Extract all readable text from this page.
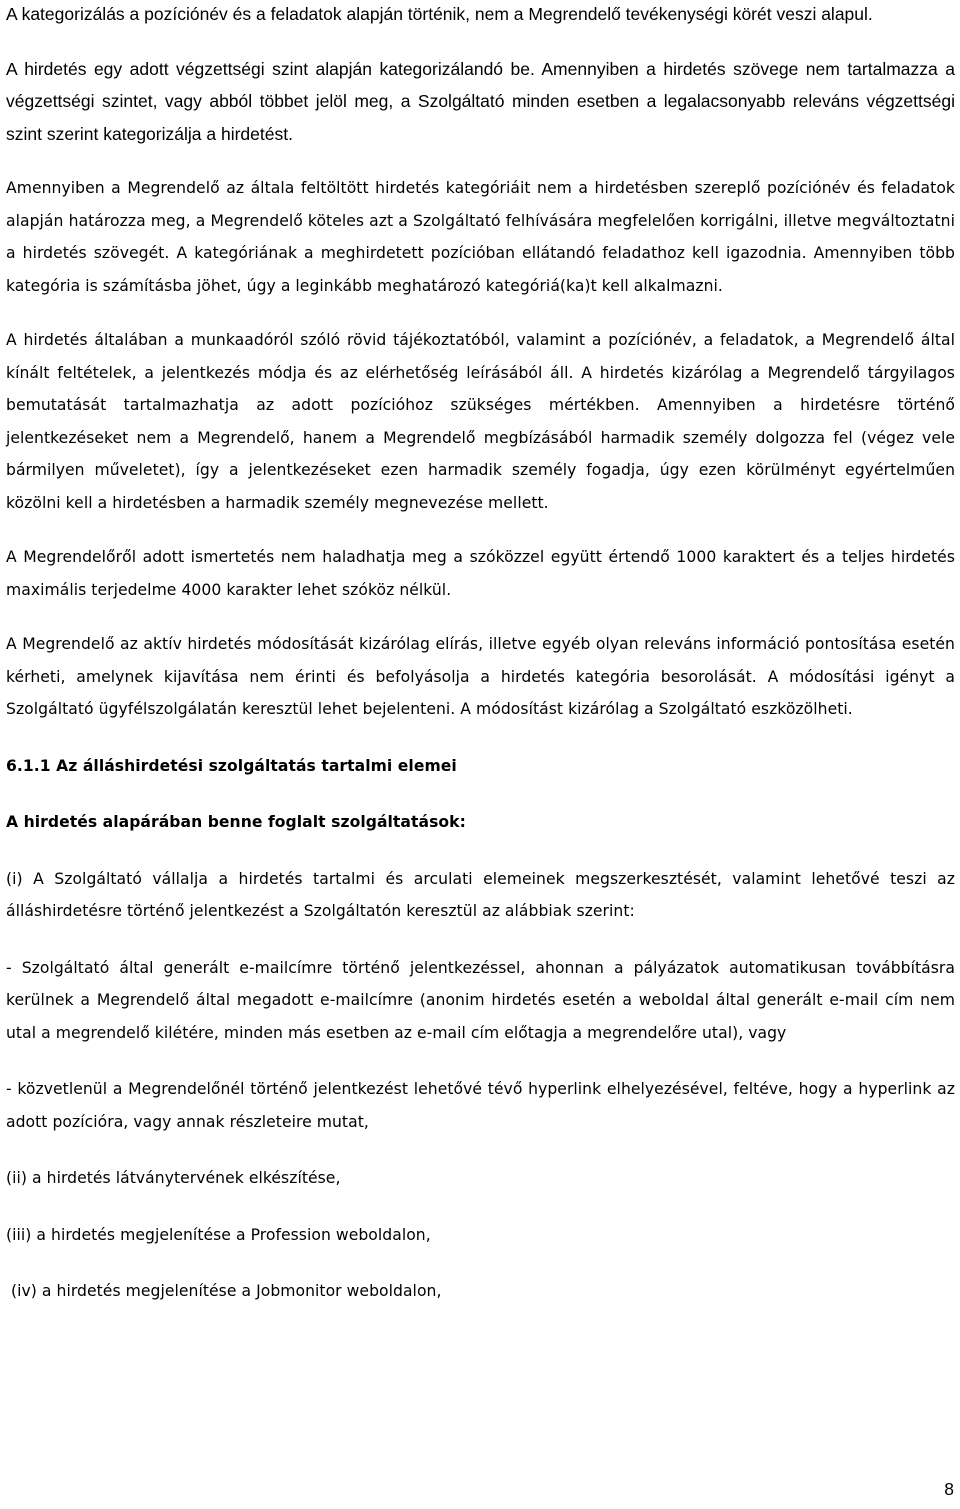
A kategorizálás a pozíciónév és a feladatok alapján történik, nem a Megrendelő tevékenységi körét veszi alapul.

A hirdetés egy adott végzettségi szint alapján kategorizálandó be. Amennyiben a hirdetés szövege nem tartalmazza a végzettségi szintet, vagy abból többet jelöl meg, a Szolgáltató minden esetben a legalacsonyabb releváns végzettségi szint szerint kategorizálja a hirdetést.

Amennyiben a Megrendelő az általa feltöltött hirdetés kategóriáit nem a hirdetésben szereplő pozíciónév és feladatok alapján határozza meg, a Megrendelő köteles azt a Szolgáltató felhívására megfelelően korrigálni, illetve megváltoztatni a hirdetés szövegét. A kategóriának a meghirdetett pozícióban ellátandó feladathoz kell igazodnia. Amennyiben több kategória is számításba jöhet, úgy a leginkább meghatározó kategóriá(ka)t kell alkalmazni.

A hirdetés általában a munkaadóról szóló rövid tájékoztatóból, valamint a pozíciónév, a feladatok, a Megrendelő által kínált feltételek, a jelentkezés módja és az elérhetőség leírásából áll. A hirdetés kizárólag a Megrendelő tárgyilagos bemutatását tartalmazhatja az adott pozícióhoz szükséges mértékben. Amennyiben a hirdetésre történő jelentkezéseket nem a Megrendelő, hanem a Megrendelő megbízásából harmadik személy dolgozza fel (végez vele bármilyen műveletet), így a jelentkezéseket ezen harmadik személy fogadja, úgy ezen körülményt egyértelműen közölni kell a hirdetésben a harmadik személy megnevezése mellett.

A Megrendelőről adott ismertetés nem haladhatja meg a szóközzel együtt értendő 1000 karaktert és a teljes hirdetés maximális terjedelme 4000 karakter lehet szóköz nélkül.

A Megrendelő az aktív hirdetés módosítását kizárólag elírás, illetve egyéb olyan releváns információ pontosítása esetén kérheti, amelynek kijavítása nem érinti és befolyásolja a hirdetés kategória besorolását. A módosítási igényt a Szolgáltató ügyfélszolgálatán keresztül lehet bejelenteni. A módosítást kizárólag a Szolgáltató eszközölheti.

6.1.1 Az álláshirdetési szolgáltatás tartalmi elemei

A hirdetés alapárában benne foglalt szolgáltatások:

(i) A Szolgáltató vállalja a hirdetés tartalmi és arculati elemeinek megszerkesztését, valamint lehetővé teszi az álláshirdetésre történő jelentkezést a Szolgáltatón keresztül az alábbiak szerint:

- Szolgáltató által generált e-mailcímre történő jelentkezéssel, ahonnan a pályázatok automatikusan továbbításra kerülnek a Megrendelő által megadott e-mailcímre (anonim hirdetés esetén a weboldal által generált e-mail cím nem utal a megrendelő kilétére, minden más esetben az e-mail cím előtagja a megrendelőre utal), vagy

- közvetlenül a Megrendelőnél történő jelentkezést lehetővé tévő hyperlink elhelyezésével, feltéve, hogy a hyperlink az adott pozícióra, vagy annak részleteire mutat,

(ii) a hirdetés látványtervének elkészítése,

(iii) a hirdetés megjelenítése a Profession weboldalon,

(iv) a hirdetés megjelenítése a Jobmonitor weboldalon,

8
